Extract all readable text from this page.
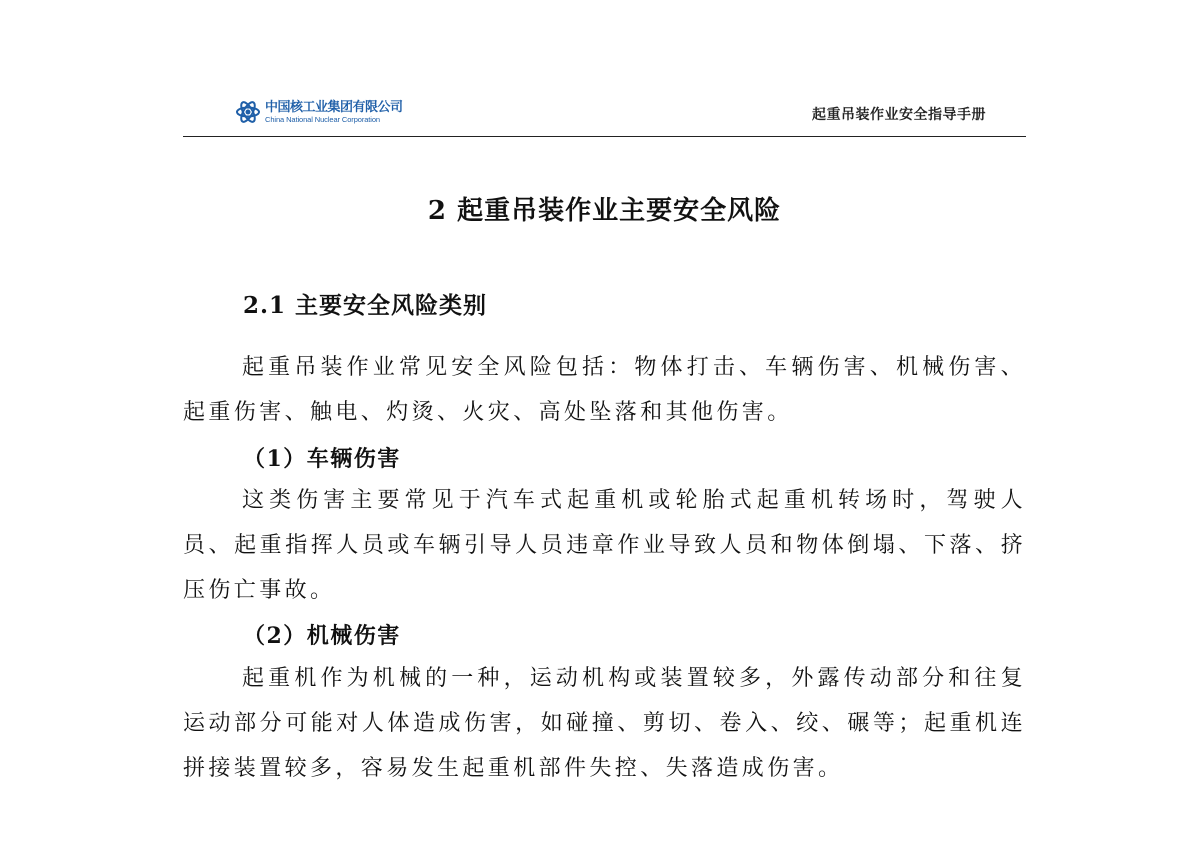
中国核工业集团有限公司
China National Nuclear Corporation	起重吊装作业安全指导手册
2 起重吊装作业主要安全风险
2.1 主要安全风险类别

起重吊装作业常见安全风险包括：物体打击、车辆伤害、机械伤害、起重伤害、触电、灼烫、火灾、高处坠落和其他伤害。

（1）车辆伤害

这类伤害主要常见于汽车式起重机或轮胎式起重机转场时，驾驶人员、起重指挥人员或车辆引导人员违章作业导致人员和物体倒塌、下落、挤压伤亡事故。

（2）机械伤害

起重机作为机械的一种，运动机构或装置较多，外露传动部分和往复运动部分可能对人体造成伤害，如碰撞、剪切、卷入、绞、碾等；起重机连拼接装置较多，容易发生起重机部件失控、失落造成伤害。
